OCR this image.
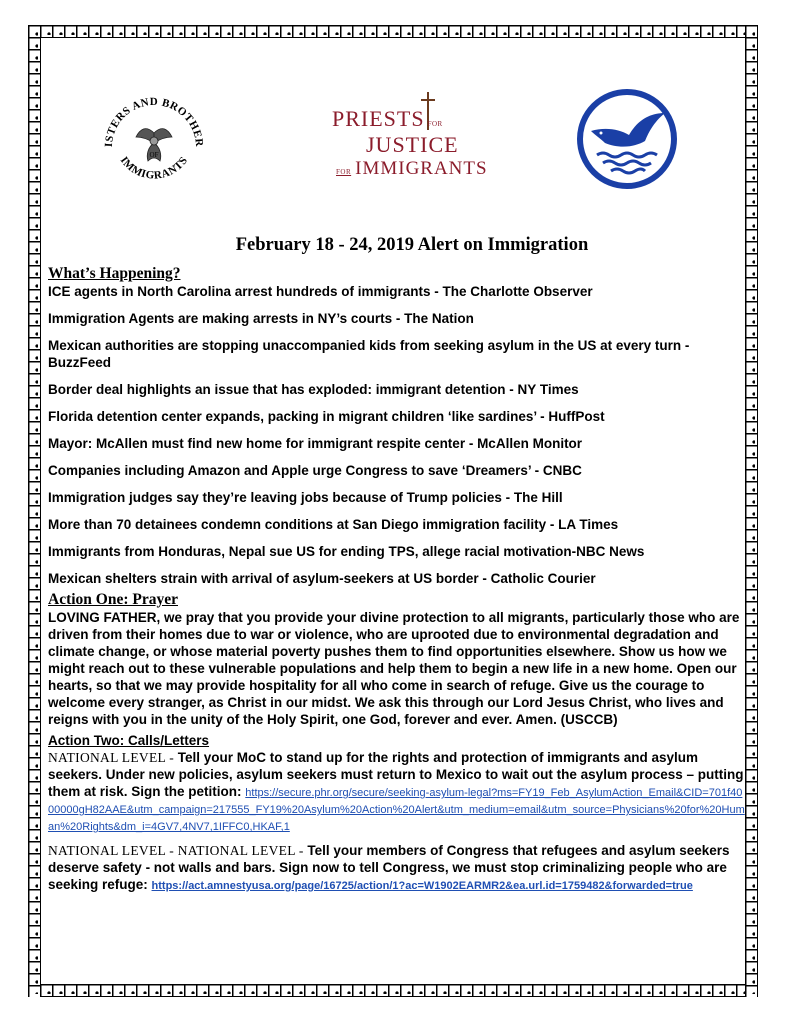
ISTERS AND BROTHER
IMMIGRANTS
OF
PRIESTS FOR
JUSTICE
FOR IMMIGRANTS
February 18 - 24, 2019 Alert on Immigration
What’s Happening?
ICE agents in North Carolina arrest hundreds of immigrants - The Charlotte Observer
Immigration Agents are making arrests in NY’s courts - The Nation
Mexican authorities are stopping unaccompanied kids from seeking asylum in the US at every turn - BuzzFeed
Border deal highlights an issue that has exploded: immigrant detention - NY Times
Florida detention center expands, packing in migrant children ‘like sardines’ - HuffPost
Mayor: McAllen must find new home for immigrant respite center - McAllen Monitor
Companies including Amazon and Apple urge Congress to save ‘Dreamers’ - CNBC
Immigration judges say they’re leaving jobs because of Trump policies - The Hill
More than 70 detainees condemn conditions at San Diego immigration facility - LA Times
Immigrants from Honduras, Nepal sue US for ending TPS, allege racial motivation-NBC News
Mexican shelters strain with arrival of asylum-seekers at US border - Catholic Courier
Action One: Prayer
LOVING FATHER, we pray that you provide your divine protection to all migrants, particularly those who are driven from their homes due to war or violence, who are uprooted due to environmental degradation and climate change, or whose material poverty pushes them to find opportunities elsewhere. Show us how we might reach out to these vulnerable populations and help them to begin a new life in a new home. Open our hearts, so that we may provide hospitality for all who come in search of refuge. Give us the courage to welcome every stranger, as Christ in our midst. We ask this through our Lord Jesus Christ, who lives and reigns with you in the unity of the Holy Spirit, one God, forever and ever. Amen. (USCCB)
Action Two: Calls/Letters
NATIONAL LEVEL - Tell your MoC to stand up for the rights and protection of immigrants and asylum seekers. Under new policies, asylum seekers must return to Mexico to wait out the asylum process – putting them at risk. Sign the petition: https://secure.phr.org/secure/seeking-asylum-legal?ms=FY19_Feb_AsylumAction_Email&CID=701f4000000gH82AAE&utm_campaign=217555_FY19%20Asylum%20Action%20Alert&utm_medium=email&utm_source=Physicians%20for%20Human%20Rights&dm_i=4GV7,4NV7,1IFFC0,HKAF,1
NATIONAL LEVEL - NATIONAL LEVEL - Tell your members of Congress that refugees and asylum seekers deserve safety - not walls and bars. Sign now to tell Congress, we must stop criminalizing people who are seeking refuge: https://act.amnestyusa.org/page/16725/action/1?ac=W1902EARMR2&ea.url.id=1759482&forwarded=true
